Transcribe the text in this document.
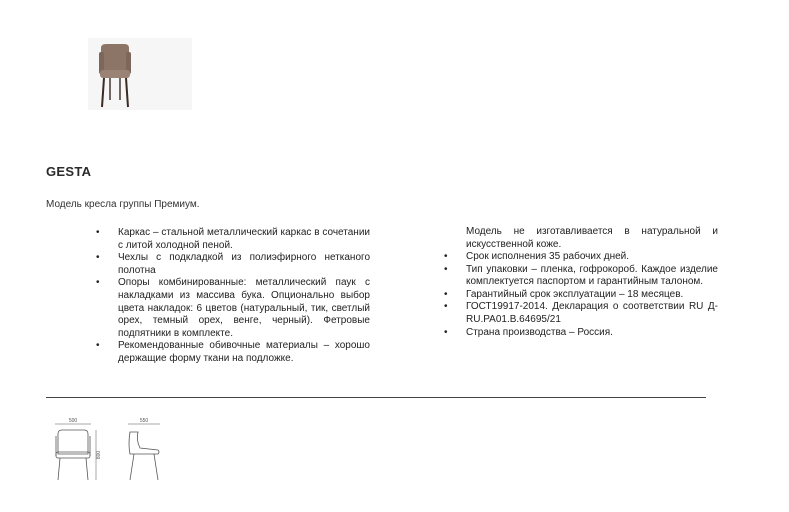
GESTA
Модель кресла группы Премиум.
• Каркас – стальной металлический каркас в сочетании с литой холодной пеной.
• Чехлы с подкладкой из полиэфирного нетканого полотна
• Опоры комбинированные: металлический паук с накладками из массива бука. Опционально выбор цвета накладок: 6 цветов (натуральный, тик, светлый орех, темный орех, венге, черный). Фетровые подпятники в комплекте.
• Рекомендованные обивочные материалы – хорошо держащие форму ткани на подложке.
Модель не изготавливается в натуральной и искусственной коже.
• Срок исполнения 35 рабочих дней.
• Тип упаковки – пленка, гофрокороб. Каждое изделие комплектуется паспортом и гарантийным талоном.
• Гарантийный срок эксплуатации – 18 месяцев.
• ГОСТ19917-2014. Декларация о соответствии RU Д-RU.PA01.B.64695/21
• Страна производства – Россия.
500
800
550
